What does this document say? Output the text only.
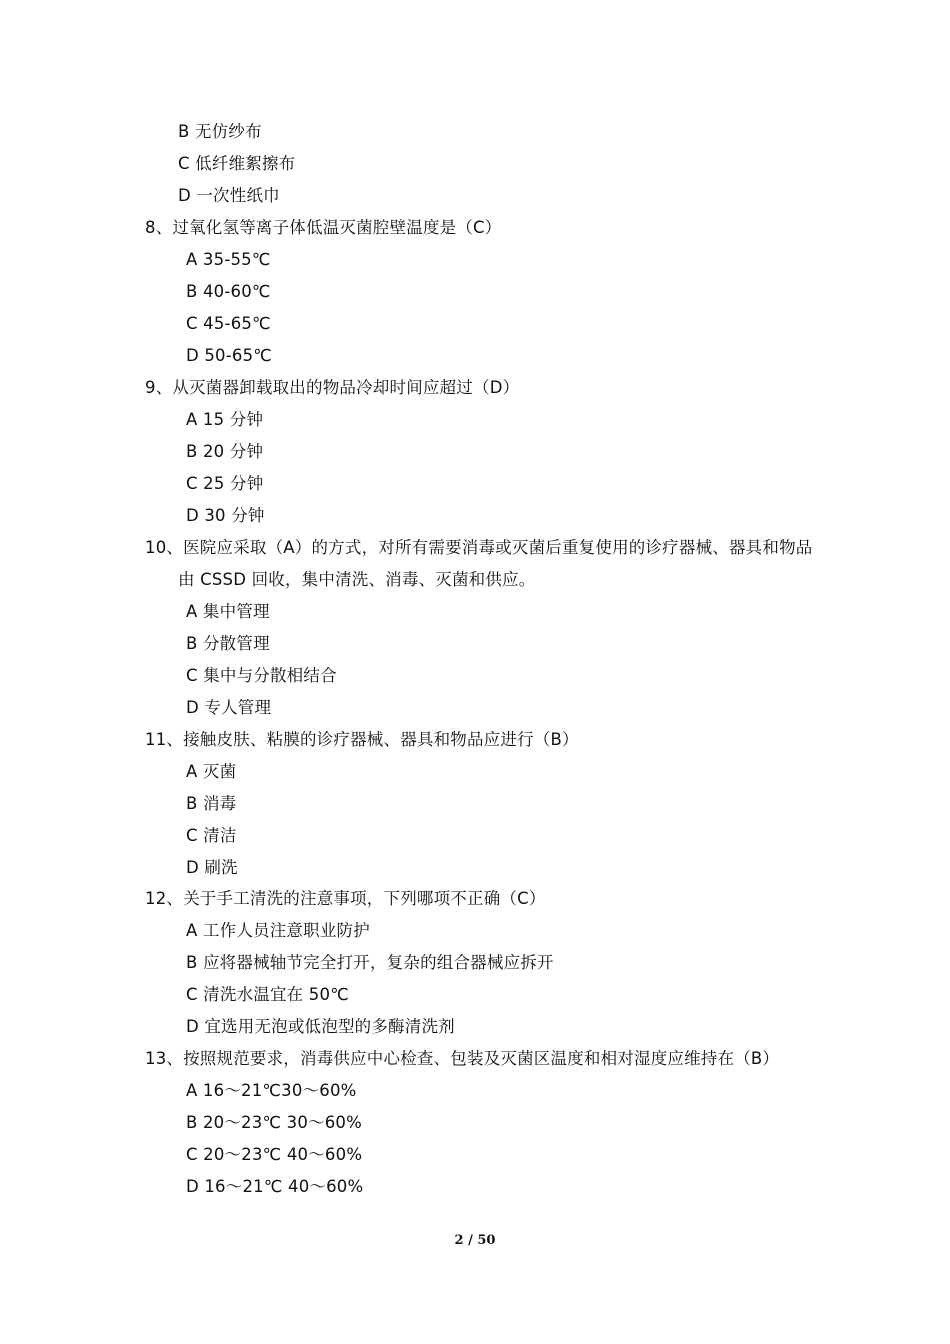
B 无仿纱布
C 低纤维絮擦布
D 一次性纸巾
8、过氧化氢等离子体低温灭菌腔壁温度是（C）
A 35-55℃
B 40-60℃
C 45-65℃
D 50-65℃
9、从灭菌器卸载取出的物品冷却时间应超过（D）
A 15 分钟
B 20 分钟
C 25 分钟
D 30 分钟
10、医院应采取（A）的方式，对所有需要消毒或灭菌后重复使用的诊疗器械、器具和物品
由 CSSD 回收，集中清洗、消毒、灭菌和供应。
A 集中管理
B 分散管理
C 集中与分散相结合
D 专人管理
11、接触皮肤、粘膜的诊疗器械、器具和物品应进行（B）
A 灭菌
B 消毒
C 清洁
D 刷洗
12、关于手工清洗的注意事项，下列哪项不正确（C）
A 工作人员注意职业防护
B 应将器械轴节完全打开，复杂的组合器械应拆开
C 清洗水温宜在 50℃
D 宜选用无泡或低泡型的多酶清洗剂
13、按照规范要求，消毒供应中心检查、包装及灭菌区温度和相对湿度应维持在（B）
A 16～21℃30～60%
B 20～23℃ 30～60%
C 20～23℃ 40～60%
D 16～21℃ 40～60%
2 / 50
